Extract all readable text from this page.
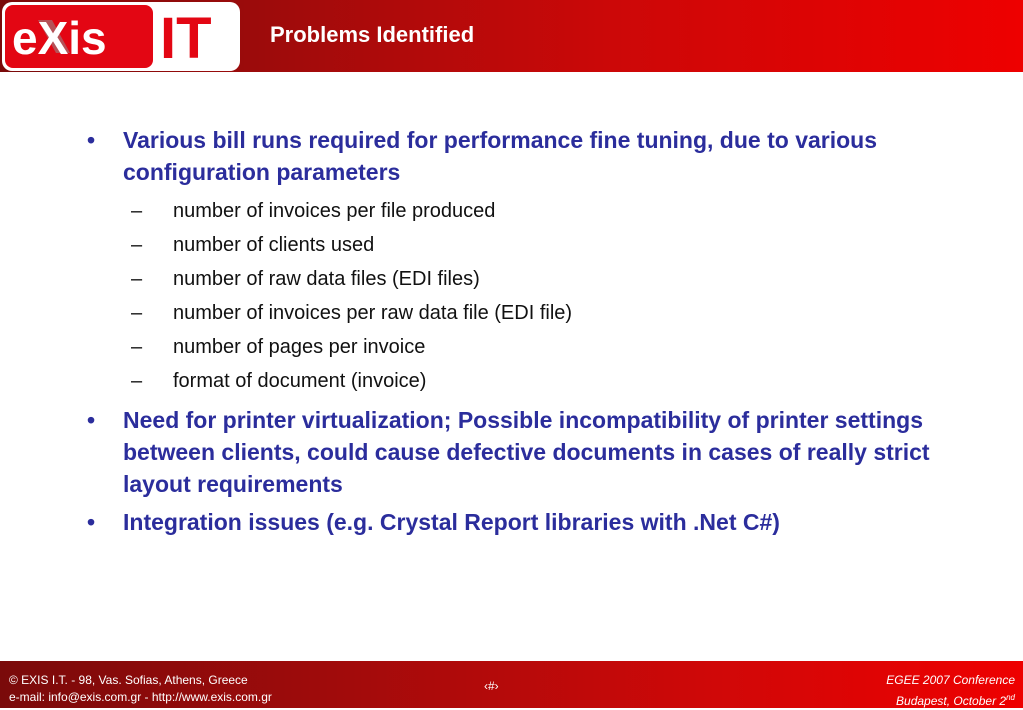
eXis IT	Problems Identified
•	Various bill runs required for performance fine tuning, due to various configuration parameters
–	number of invoices per file produced
–	number of clients used
–	number of raw data files (EDI files)
–	number of invoices per raw data file (EDI file)
–	number of pages per invoice
–	format of document (invoice)
•	Need for printer virtualization; Possible incompatibility of printer settings between clients, could cause defective documents in cases of really strict layout requirements
•	Integration issues (e.g. Crystal Report libraries with .Net C#)
© EXIS I.T. - 98, Vas. Sofias, Athens, Greece
e-mail: info@exis.com.gr - http://www.exis.com.gr
‹#›	EGEE 2007 Conference
Budapest, October 2nd
